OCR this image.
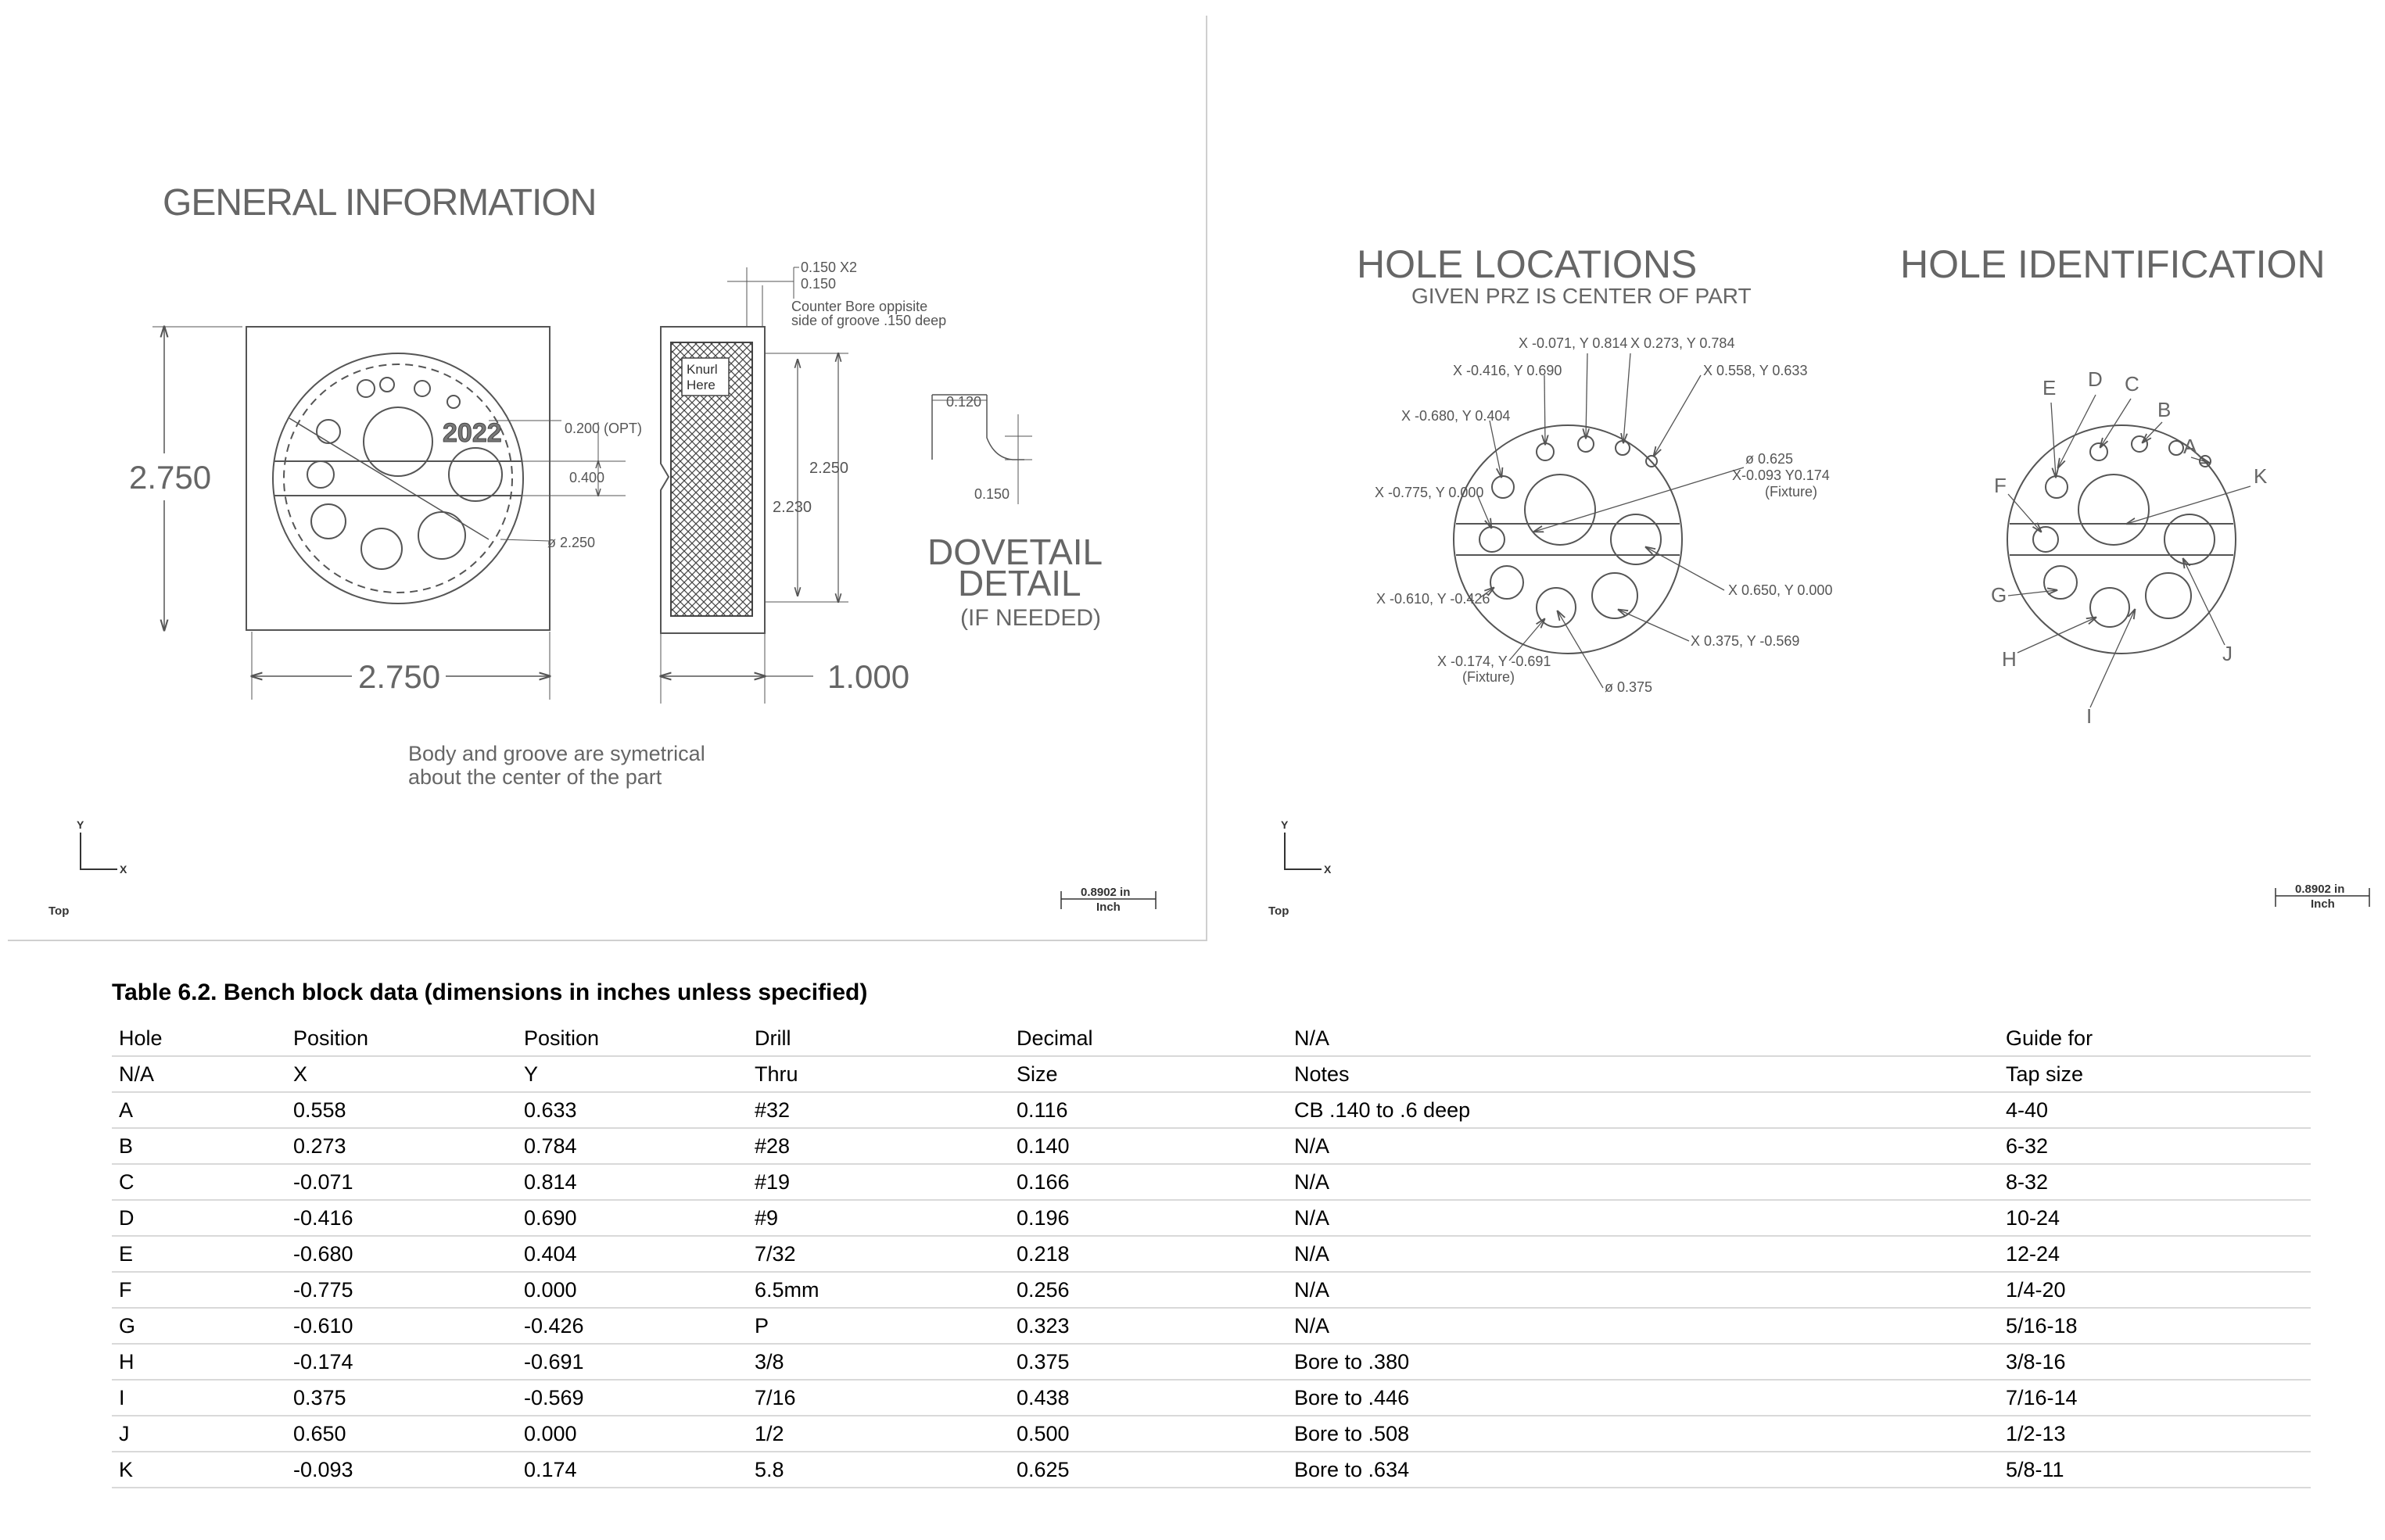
GENERAL INFORMATION
2022
2.750
2.750
0.200 (OPT)
0.400
ø 2.250
Knurl
Here
1.000
0.150 X2
0.150
Counter Bore oppisite
side of groove .150 deep
2.250
2.230
0.120
0.150
DOVETAIL
DETAIL
(IF NEEDED)
Body and groove are symetrical
about the center of the part
Y
X
Top
0.8902 in
Inch
HOLE LOCATIONS
GIVEN PRZ IS CENTER OF PART
HOLE IDENTIFICATION
X -0.071, Y 0.814 X 0.273, Y 0.784
X -0.416, Y 0.690	X 0.558, Y 0.633
X -0.680, Y 0.404
ø 0.625
X-0.093 Y0.174
(Fixture)
X -0.775, Y 0.000
X 0.650, Y 0.000
X -0.610, Y -0.426
X 0.375, Y -0.569
X -0.174, Y -0.691
(Fixture)
ø 0.375
E D C
B
A
K
F
G
H
I
J
Y
X
Top
0.8902 in
Inch

Table 6.2. Bench block data (dimensions in inches unless specified)

Hole	Position	Position	Drill	Decimal	N/A	Guide for
N/A	X	Y	Thru	Size	Notes	Tap size
A	0.558	0.633	#32	0.116	CB .140 to .6 deep	4-40
B	0.273	0.784	#28	0.140	N/A	6-32
C	-0.071	0.814	#19	0.166	N/A	8-32
D	-0.416	0.690	#9	0.196	N/A	10-24
E	-0.680	0.404	7/32	0.218	N/A	12-24
F	-0.775	0.000	6.5mm	0.256	N/A	1/4-20
G	-0.610	-0.426	P	0.323	N/A	5/16-18
H	-0.174	-0.691	3/8	0.375	Bore to .380	3/8-16
I	0.375	-0.569	7/16	0.438	Bore to .446	7/16-14
J	0.650	0.000	1/2	0.500	Bore to .508	1/2-13
K	-0.093	0.174	5.8	0.625	Bore to .634	5/8-11
